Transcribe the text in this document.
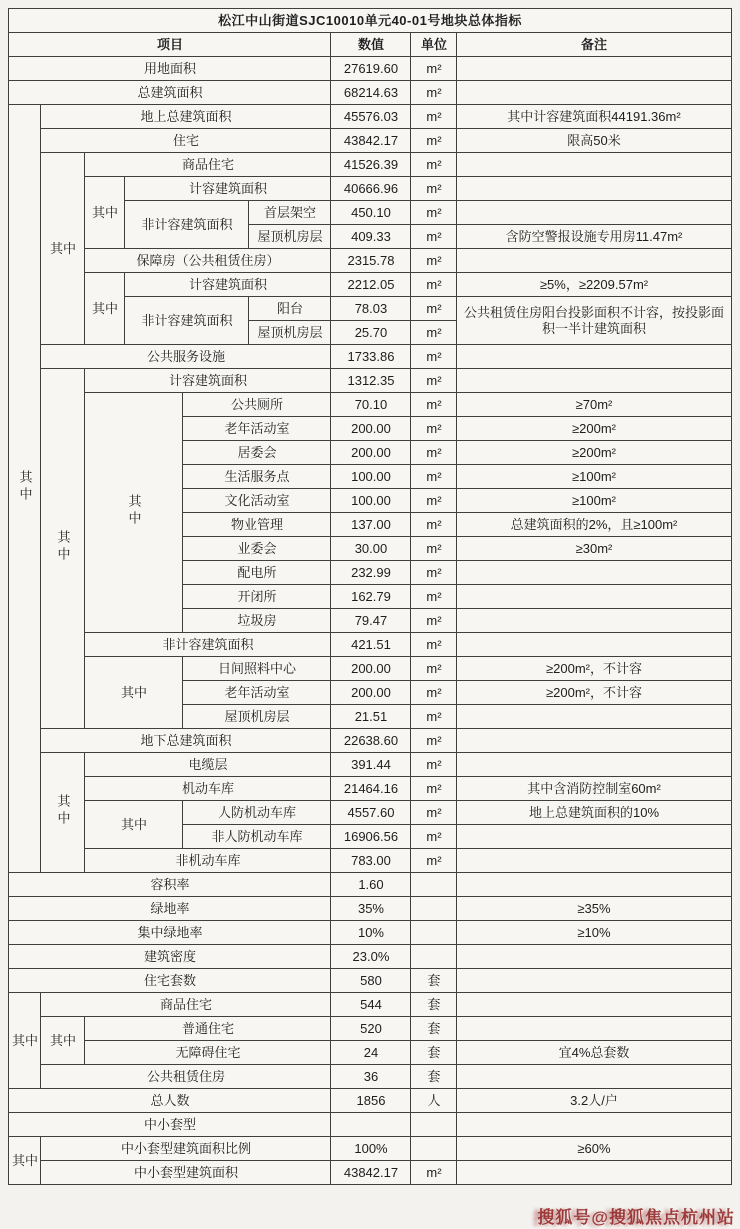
松江中山街道SJC10010单元40-01号地块总体指标								
项目						数值	单位	备注
用地面积						27619.60	m²	
总建筑面积						68214.63	m²	
其中	地上总建筑面积					45576.03	m²	其中计容建筑面积44191.36m²
	住宅					43842.17	m²	限高50米
	其中	商品住宅				41526.39	m²	
		其中	计容建筑面积			40666.96	m²	
			非计容建筑面积		首层架空	450.10	m²	
					屋顶机房层	409.33	m²	含防空警报设施专用房11.47m²
		保障房（公共租赁住房）				2315.78	m²	
		其中	计容建筑面积			2212.05	m²	≥5%，≥2209.57m²
			非计容建筑面积		阳台	78.03	m²	公共租赁住房阳台投影面积不计容，按投影面积一半计建筑面积
					屋顶机房层	25.70	m²	
	公共服务设施					1733.86	m²	
	其中	计容建筑面积				1312.35	m²	
		其中		公共厕所		70.10	m²	≥70m²
				老年活动室		200.00	m²	≥200m²
				居委会		200.00	m²	≥200m²
				生活服务点		100.00	m²	≥100m²
				文化活动室		100.00	m²	≥100m²
				物业管理		137.00	m²	总建筑面积的2%，且≥100m²
				业委会		30.00	m²	≥30m²
				配电所		232.99	m²	
				开闭所		162.79	m²	
				垃圾房		79.47	m²	
		非计容建筑面积				421.51	m²	
		其中		日间照料中心		200.00	m²	≥200m²，不计容
				老年活动室		200.00	m²	≥200m²，不计容
				屋顶机房层		21.51	m²	
	地下总建筑面积					22638.60	m²	
	其中	电缆层				391.44	m²	
		机动车库				21464.16	m²	其中含消防控制室60m²
		其中		人防机动车库		4557.60	m²	地上总建筑面积的10%
				非人防机动车库		16906.56	m²	
		非机动车库				783.00	m²	
容积率						1.60		
绿地率						35%		≥35%
集中绿地率						10%		≥10%
建筑密度						23.0%		
住宅套数						580	套	
其中	商品住宅					544	套	
	其中	普通住宅				520	套	
		无障碍住宅				24	套	宜4%总套数
	公共租赁住房					36	套	
总人数						1856	人	3.2人/户
中小套型								
其中	中小套型建筑面积比例					100%		≥60%
	中小套型建筑面积					43842.17	m²	
搜狐号@搜狐焦点杭州站
